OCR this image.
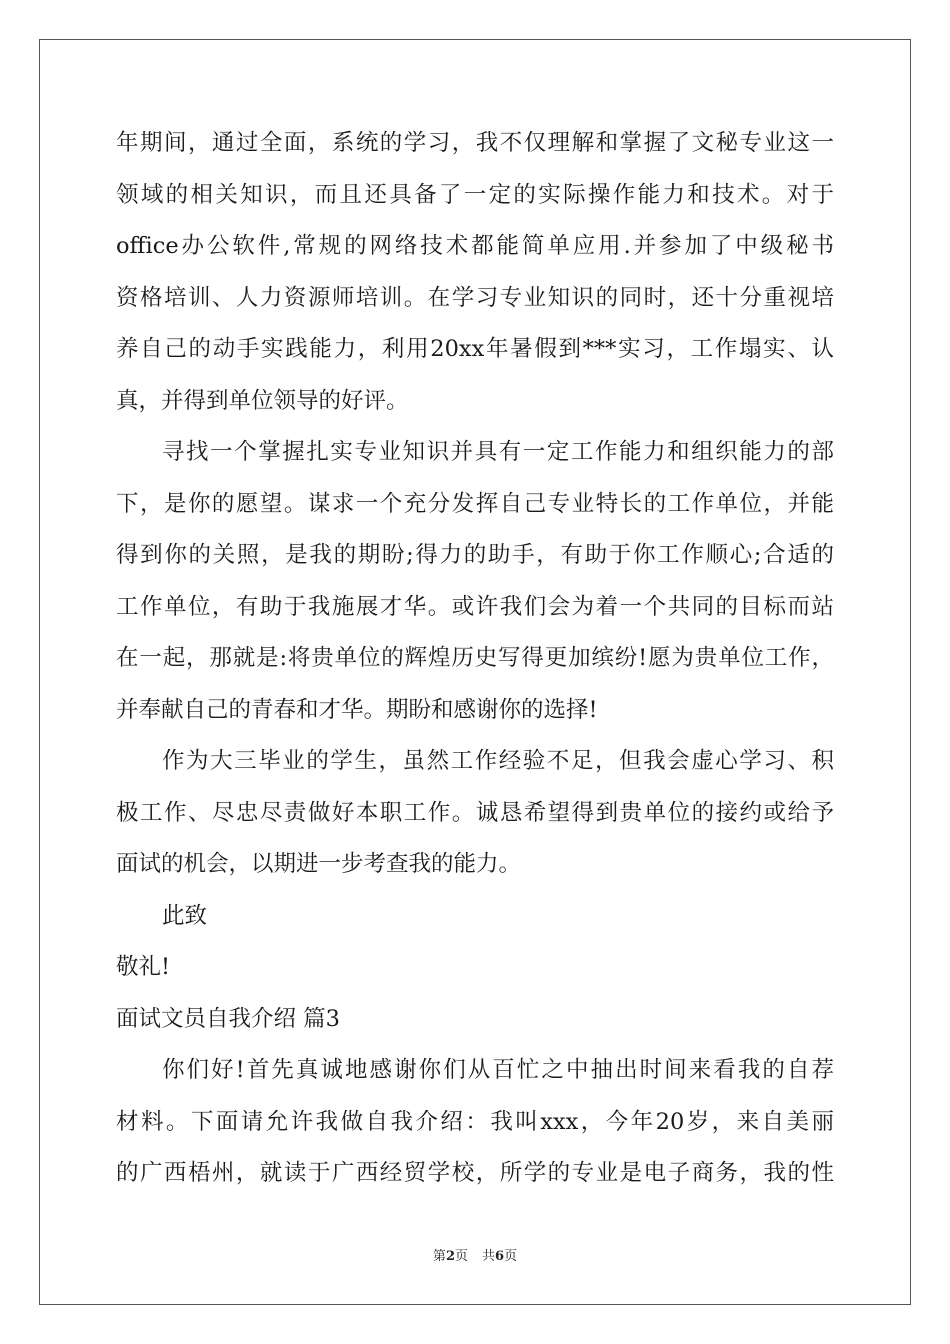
年期间，通过全面，系统的学习，我不仅理解和掌握了文秘专业这一
领域的相关知识，而且还具备了一定的实际操作能力和技术。对于
office办公软件,常规的网络技术都能简单应用.并参加了中级秘书
资格培训、人力资源师培训。在学习专业知识的同时，还十分重视培
养自己的动手实践能力，利用20xx年暑假到***实习，工作塌实、认
真，并得到单位领导的好评。
寻找一个掌握扎实专业知识并具有一定工作能力和组织能力的部
下，是你的愿望。谋求一个充分发挥自己专业特长的工作单位，并能
得到你的关照，是我的期盼;得力的助手，有助于你工作顺心;合适的
工作单位，有助于我施展才华。或许我们会为着一个共同的目标而站
在一起，那就是:将贵单位的辉煌历史写得更加缤纷!愿为贵单位工作，
并奉献自己的青春和才华。期盼和感谢你的选择!
作为大三毕业的学生，虽然工作经验不足，但我会虚心学习、积
极工作、尽忠尽责做好本职工作。诚恳希望得到贵单位的接约或给予
面试的机会，以期进一步考查我的能力。
此致
敬礼!
面试文员自我介绍 篇3
你们好!首先真诚地感谢你们从百忙之中抽出时间来看我的自荐
材料。下面请允许我做自我介绍：我叫xxx，今年20岁，来自美丽
的广西梧州，就读于广西经贸学校，所学的专业是电子商务，我的性
第2页 共6页
